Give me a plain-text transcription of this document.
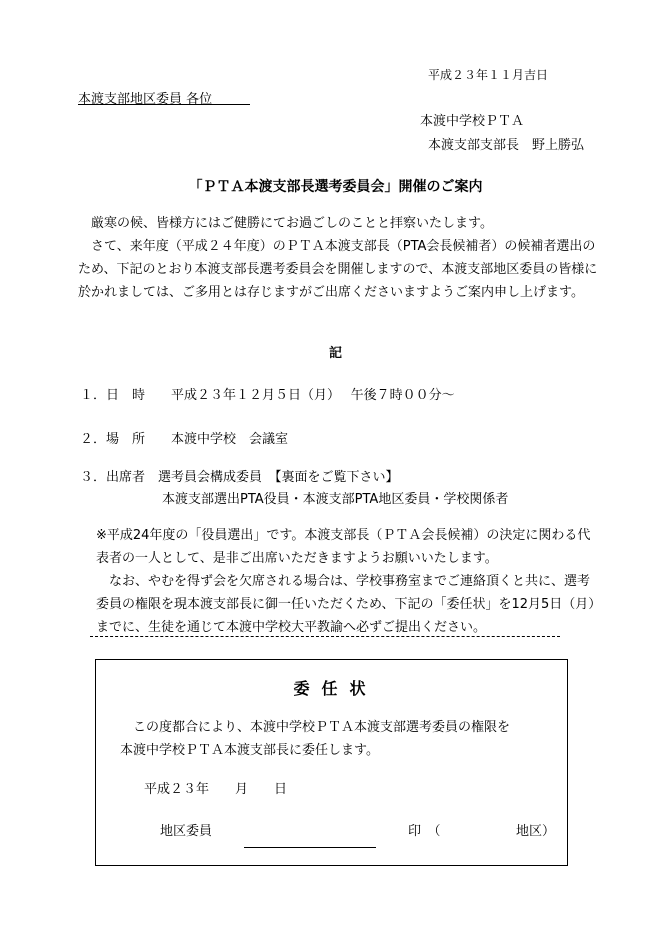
平成２３年１１月吉日
本渡支部地区委員 各位
本渡中学校ＰＴＡ
本渡支部支部長　野上勝弘
「ＰＴＡ本渡支部長選考委員会」開催のご案内
　厳寒の候、皆様方にはご健勝にてお過ごしのことと拝察いたします。
　さて、来年度（平成２４年度）のＰＴＡ本渡支部長（PTA会長候補者）の候補者選出のため、下記のとおり本渡支部長選考委員会を開催しますので、本渡支部地区委員の皆様に於かれましては、ご多用とは存じますがご出席くださいますようご案内申し上げます。
記
１．日　時　　平成２３年１２月５日（月）　 午後７時００分～
２．場　所　　本渡中学校　会議室
３．出席者　選考員会構成委員　【裏面をご覧下さい】
本渡支部選出PTA役員・本渡支部PTA地区委員・学校関係者
※平成24年度の「役員選出」です。本渡支部長（ＰＴＡ会長候補）の決定に関わる代表者の一人として、是非ご出席いただきますようお願いいたします。
　なお、やむを得ず会を欠席される場合は、学校事務室までご連絡頂くと共に、選考委員の権限を現本渡支部長に御一任いただくため、下記の「委任状」を12月5日（月）までに、生徒を通じて本渡中学校大平教諭へ必ずご提出ください。
委任状
　この度都合により、本渡中学校ＰＴＡ本渡支部選考委員の権限を
本渡中学校ＰＴＡ本渡支部長に委任します。
平成２３年　　月　　日
地区委員	印　（	地区）
